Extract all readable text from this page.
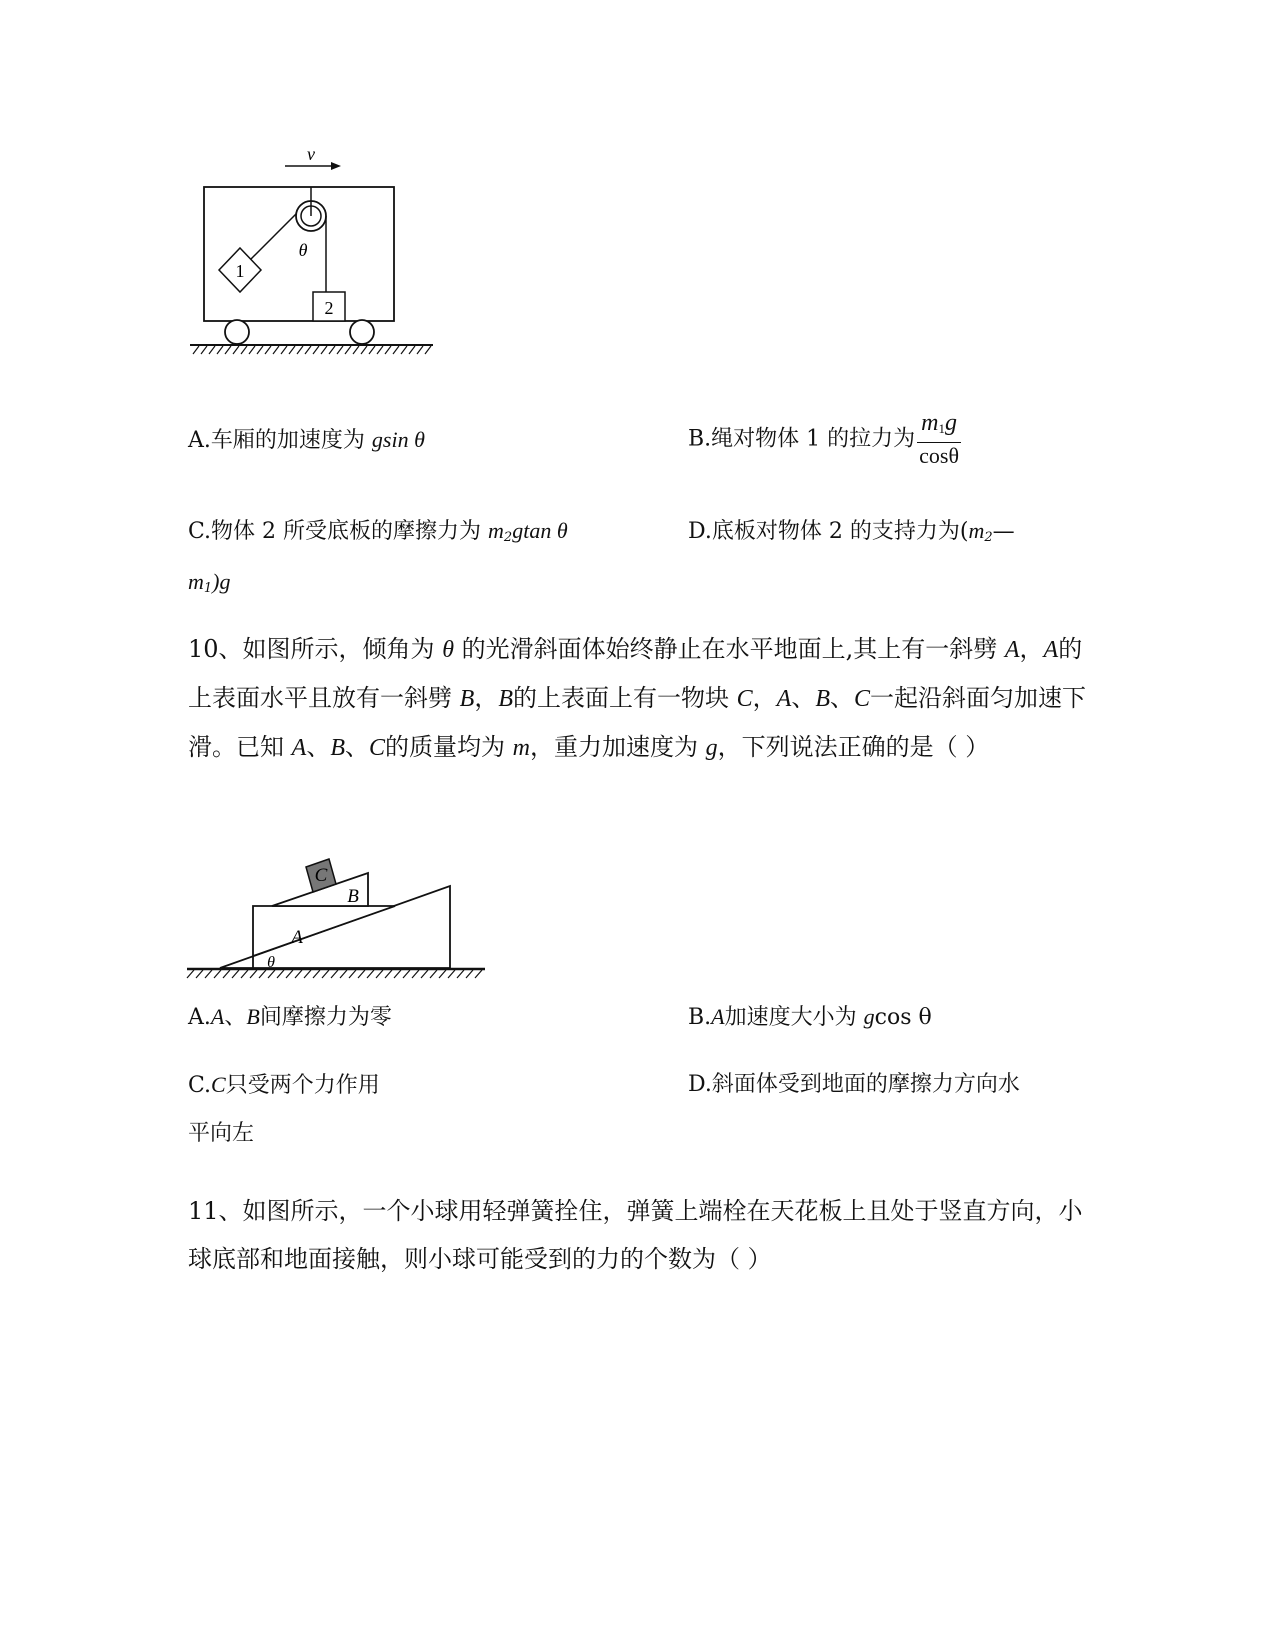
v
1
θ
2
A.车厢的加速度为 gsin θ	B.绳对物体 1 的拉力为 $\frac{m_1g}{\cos\theta}$
C.物体 2 所受底板的摩擦力为 $m_2gtan$ θ	D.底板对物体 2 的支持力为($m_2—$
$m_1)g$
10、如图所示，倾角为 θ 的光滑斜面体始终静止在水平地面上,其上有一斜劈 A，A的上表面水平且放有一斜劈 B，B的上表面上有一物块 C，A、B、C一起沿斜面匀加速下滑。已知 A、B、C的质量均为 m，重力加速度为 g，下列说法正确的是（ ）
C
B
A
θ
A.A、B间摩擦力为零	B.A加速度大小为 gcos θ
C.C只受两个力作用	D.斜面体受到地面的摩擦力方向水
平向左
11、如图所示，一个小球用轻弹簧拴住，弹簧上端栓在天花板上且处于竖直方向，小球底部和地面接触，则小球可能受到的力的个数为（ ）
